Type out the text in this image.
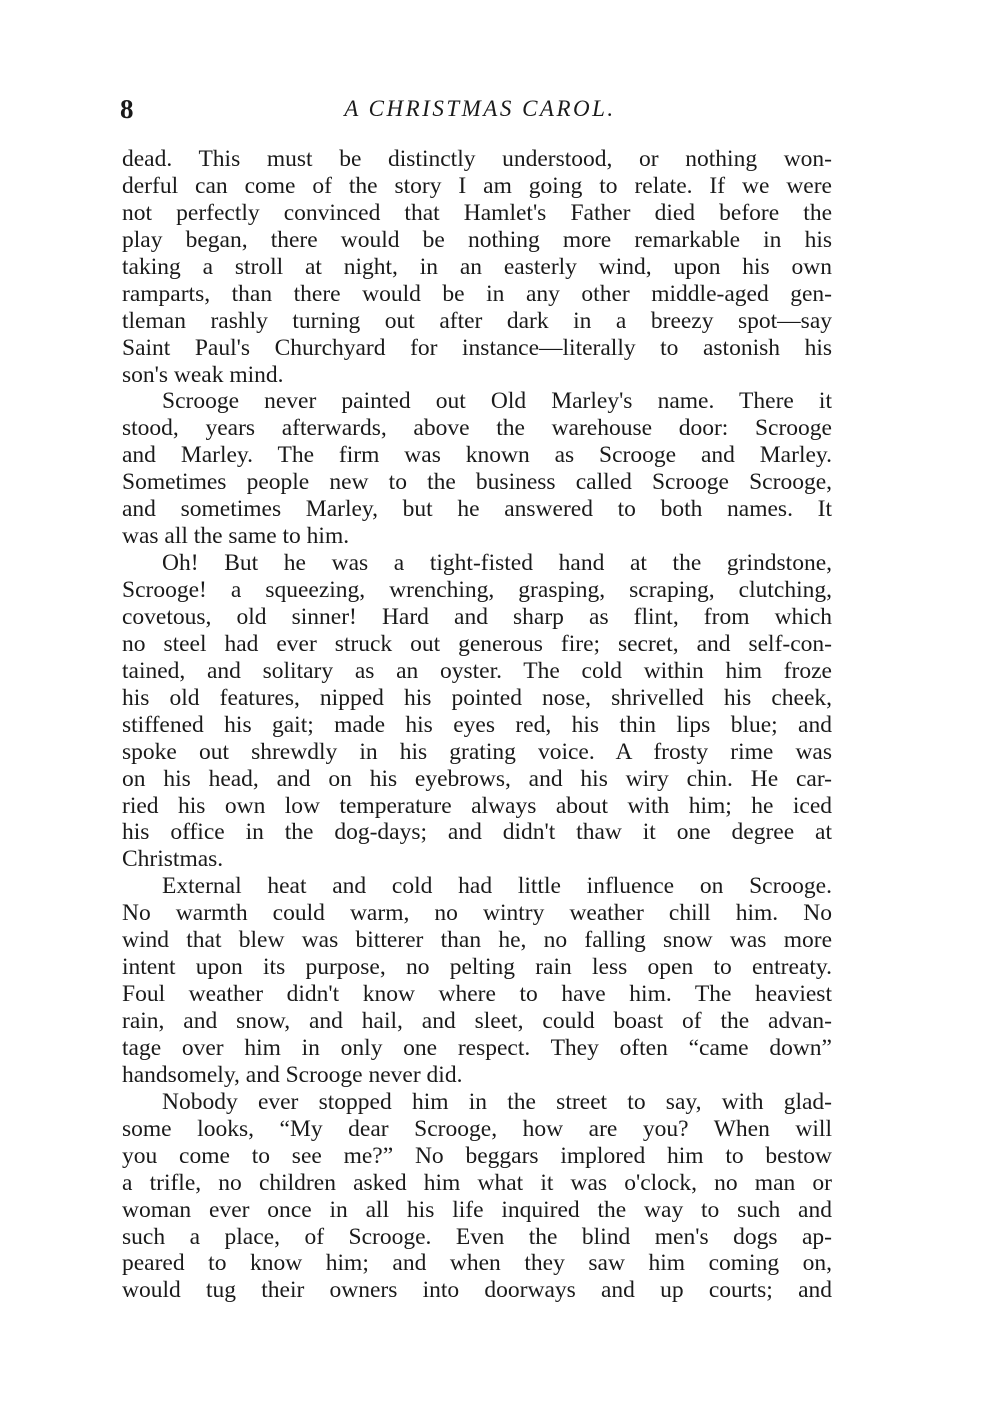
8	A CHRISTMAS CAROL.
dead. This must be distinctly understood, or nothing won-
derful can come of the story I am going to relate. If we were
not perfectly convinced that Hamlet's Father died before the
play began, there would be nothing more remarkable in his
taking a stroll at night, in an easterly wind, upon his own
ramparts, than there would be in any other middle-aged gen-
tleman rashly turning out after dark in a breezy spot—say
Saint Paul's Churchyard for instance—literally to astonish his
son's weak mind.
Scrooge never painted out Old Marley's name. There it
stood, years afterwards, above the warehouse door: Scrooge
and Marley. The firm was known as Scrooge and Marley.
Sometimes people new to the business called Scrooge Scrooge,
and sometimes Marley, but he answered to both names. It
was all the same to him.
Oh! But he was a tight-fisted hand at the grindstone,
Scrooge! a squeezing, wrenching, grasping, scraping, clutching,
covetous, old sinner! Hard and sharp as flint, from which
no steel had ever struck out generous fire; secret, and self-con-
tained, and solitary as an oyster. The cold within him froze
his old features, nipped his pointed nose, shrivelled his cheek,
stiffened his gait; made his eyes red, his thin lips blue; and
spoke out shrewdly in his grating voice. A frosty rime was
on his head, and on his eyebrows, and his wiry chin. He car-
ried his own low temperature always about with him; he iced
his office in the dog-days; and didn't thaw it one degree at
Christmas.
External heat and cold had little influence on Scrooge.
No warmth could warm, no wintry weather chill him. No
wind that blew was bitterer than he, no falling snow was more
intent upon its purpose, no pelting rain less open to entreaty.
Foul weather didn't know where to have him. The heaviest
rain, and snow, and hail, and sleet, could boast of the advan-
tage over him in only one respect. They often “came down”
handsomely, and Scrooge never did.
Nobody ever stopped him in the street to say, with glad-
some looks, “My dear Scrooge, how are you? When will
you come to see me?” No beggars implored him to bestow
a trifle, no children asked him what it was o'clock, no man or
woman ever once in all his life inquired the way to such and
such a place, of Scrooge. Even the blind men's dogs ap-
peared to know him; and when they saw him coming on,
would tug their owners into doorways and up courts; and
